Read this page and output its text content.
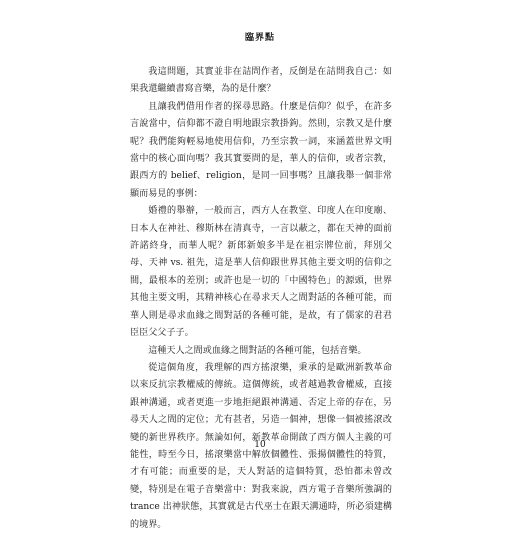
臨界點

我這問題，其實並非在詰問作者，反倒是在詰問我自己：如果我還繼續書寫音樂，為的是什麼？

且讓我們借用作者的探尋思路。什麼是信仰？似乎，在許多言說當中，信仰都不證自明地跟宗教掛鉤。然則，宗教又是什麼呢？我們能夠輕易地使用信仰，乃至宗教一詞，來涵蓋世界文明當中的核心面向嗎？我其實要問的是，華人的信仰，或者宗教，跟西方的 belief、religion，是同一回事嗎？且讓我舉一個非常顯而易見的事例：

婚禮的舉辦，一般而言，西方人在教堂、印度人在印度廟、日本人在神社、穆斯林在清真寺，一言以蔽之，都在天神的面前許諾終身，而華人呢？新郎新娘多半是在祖宗牌位前，拜別父母、天神 vs. 祖先，這是華人信仰跟世界其他主要文明的信仰之間，最根本的差別；或許也是一切的「中國特色」的源頭，世界其他主要文明，其精神核心在尋求天人之間對話的各種可能，而華人則是尋求血緣之間對話的各種可能，是故，有了儒家的君君臣臣父父子子。

這種天人之間或血緣之間對話的各種可能，包括音樂。

從這個角度，我理解的西方搖滾樂，秉承的是歐洲新教革命以來反抗宗教權威的傳統。這個傳統，或者越過教會權威，直接跟神溝通，或者更進一步地拒絕跟神溝通、否定上帝的存在，另尋天人之間的定位；尤有甚者，另造一個神，想像一個被搖滾改變的新世界秩序。無論如何，新教革命開啟了西方個人主義的可能性，時至今日，搖滾樂當中解放個體性、張揚個體性的特質，才有可能；而重要的是，天人對話的這個特質，恐怕都未曾改變，特別是在電子音樂當中：對我來說，西方電子音樂所強調的 trance 出神狀態，其實就是古代巫士在跟天溝通時，所必須建構的境界。

10
